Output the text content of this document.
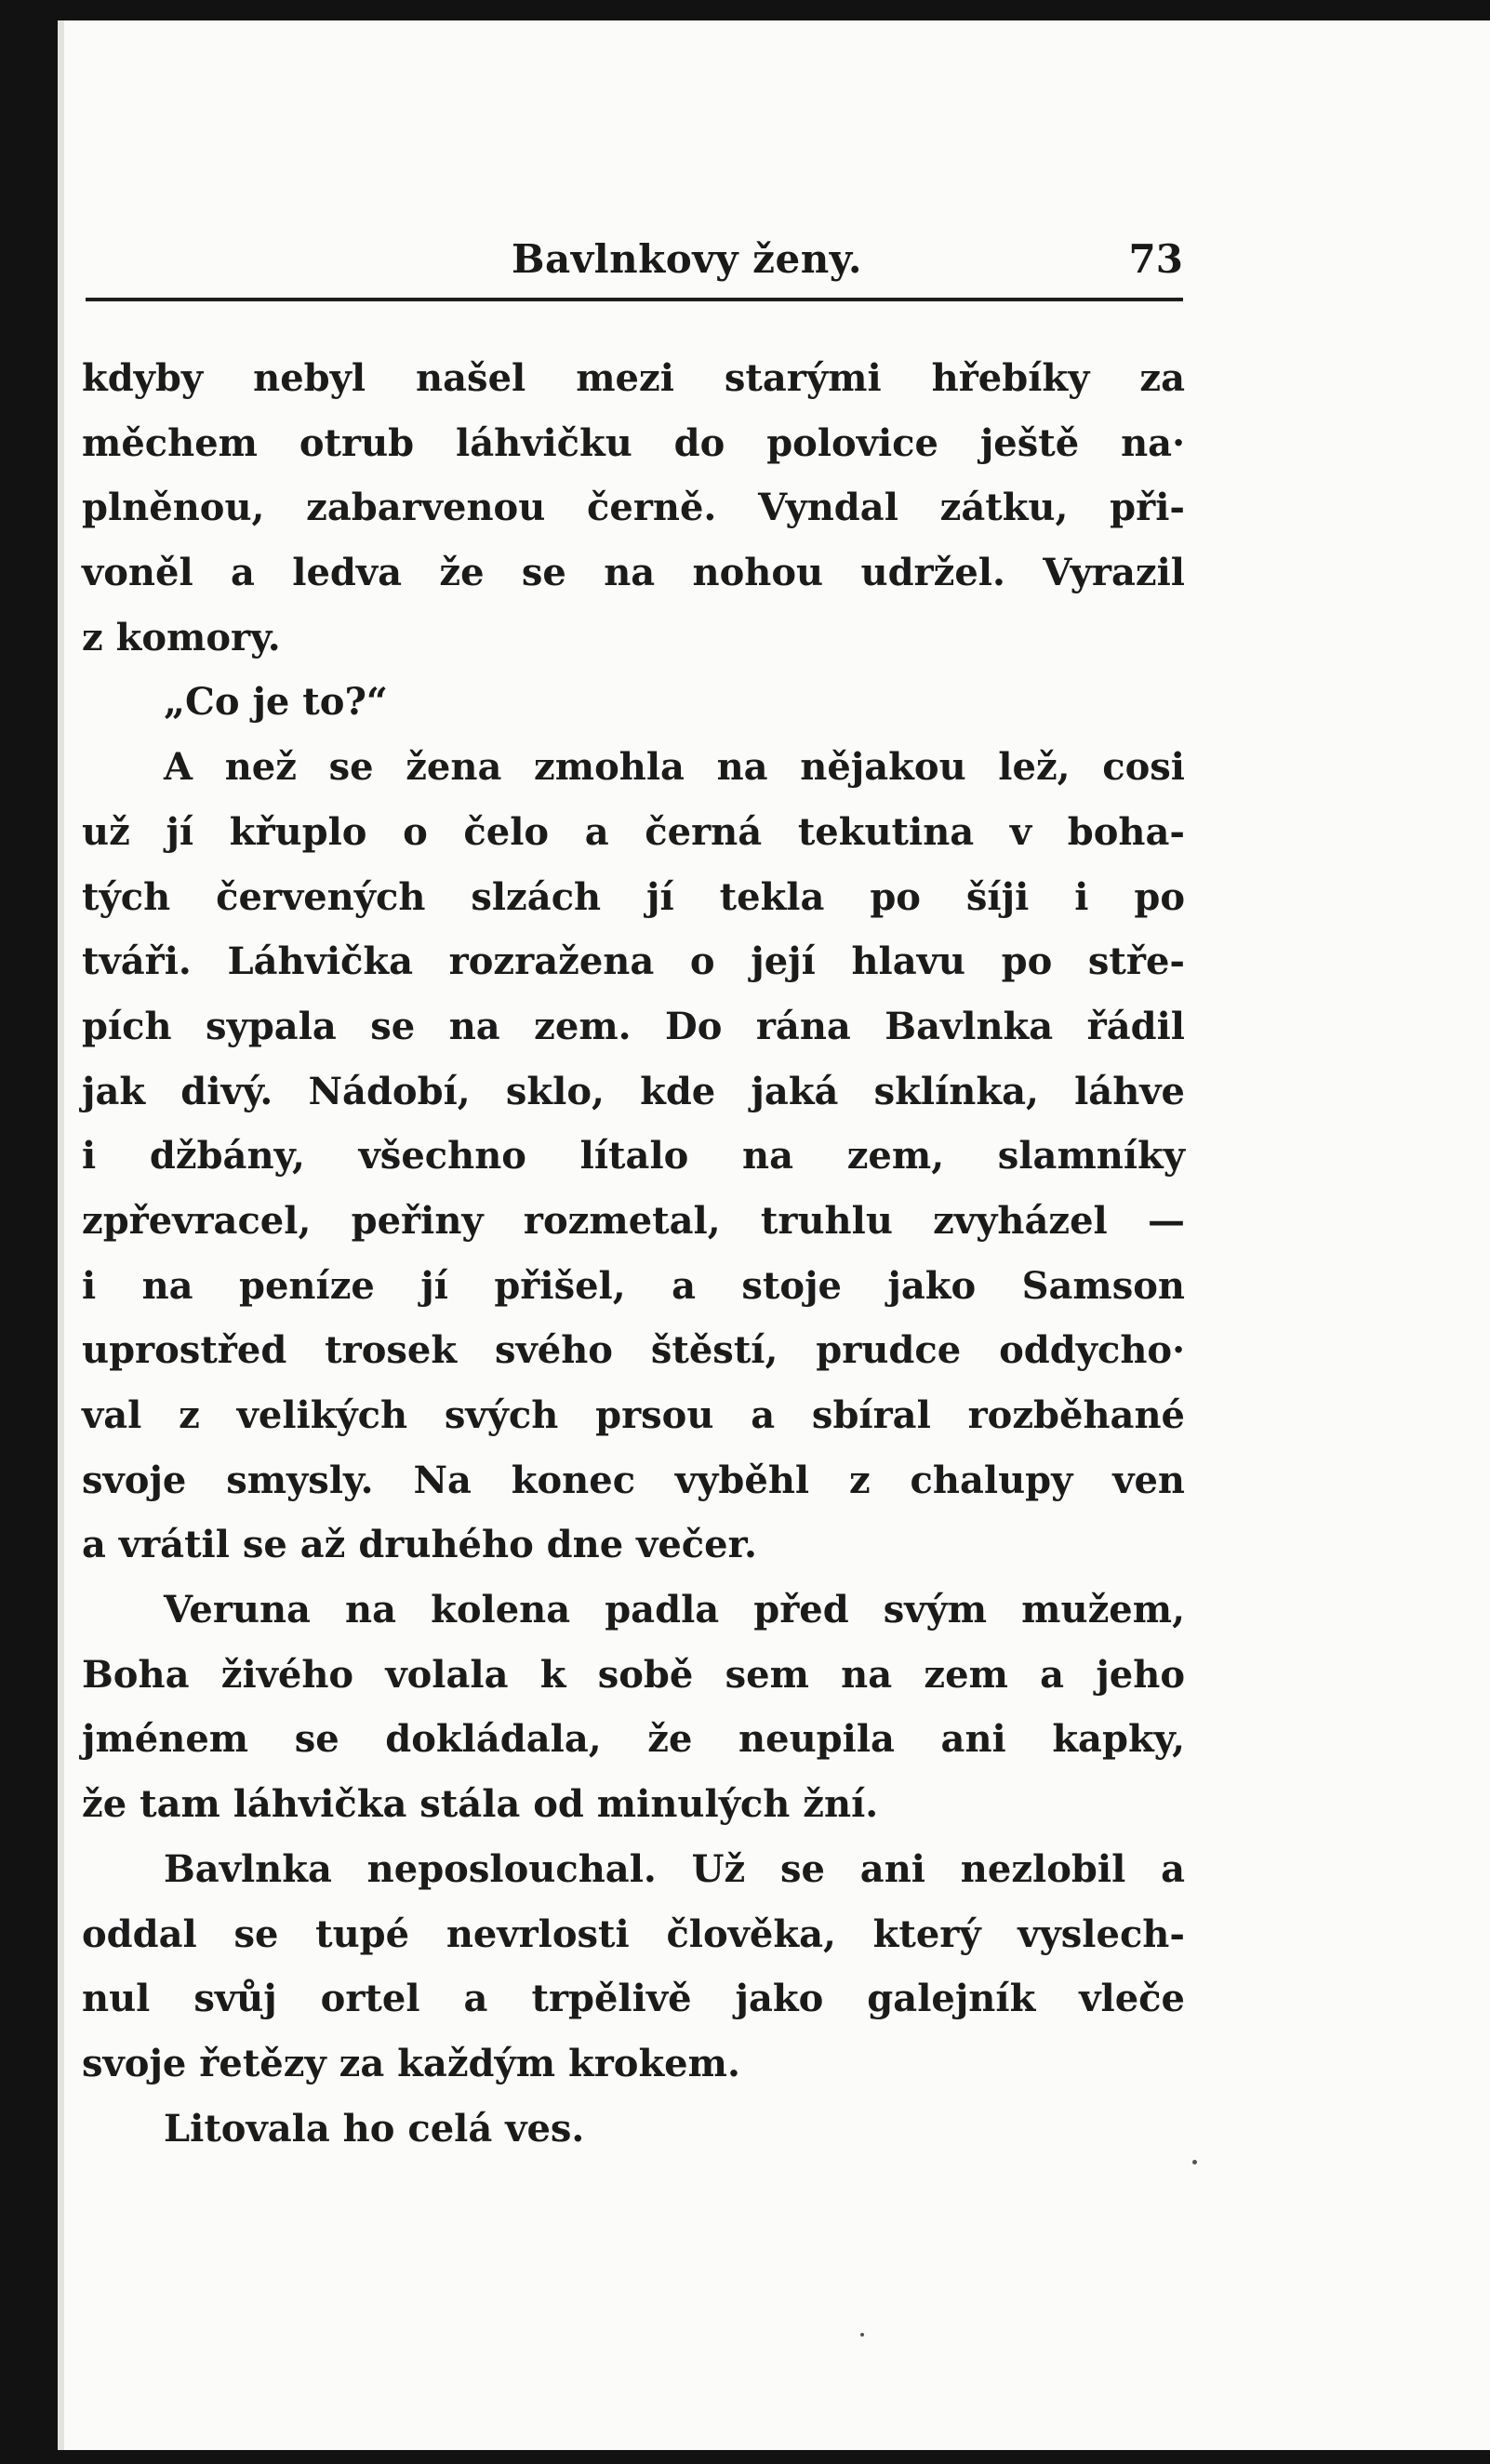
Bavlnkovy ženy.	73
kdyby nebyl našel mezi starými hřebíky za
měchem otrub láhvičku do polovice ještě na·
plněnou, zabarvenou černě. Vyndal zátku, při-
voněl a ledva že se na nohou udržel. Vyrazil
z komory.
„Co je to?“
A než se žena zmohla na nějakou lež, cosi
už jí křuplo o čelo a černá tekutina v boha-
tých červených slzách jí tekla po šíji i po
tváři. Láhvička rozražena o její hlavu po stře-
pích sypala se na zem. Do rána Bavlnka řádil
jak divý. Nádobí, sklo, kde jaká sklínka, láhve
i džbány, všechno lítalo na zem, slamníky
zpřevracel, peřiny rozmetal, truhlu zvyházel —
i na peníze jí přišel, a stoje jako Samson
uprostřed trosek svého štěstí, prudce oddycho·
val z velikých svých prsou a sbíral rozběhané
svoje smysly. Na konec vyběhl z chalupy ven
a vrátil se až druhého dne večer.
Veruna na kolena padla před svým mužem,
Boha živého volala k sobě sem na zem a jeho
jménem se dokládala, že neupila ani kapky,
že tam láhvička stála od minulých žní.
Bavlnka neposlouchal. Už se ani nezlobil a
oddal se tupé nevrlosti člověka, který vyslech-
nul svůj ortel a trpělivě jako galejník vleče
svoje řetězy za každým krokem.
Litovala ho celá ves.
